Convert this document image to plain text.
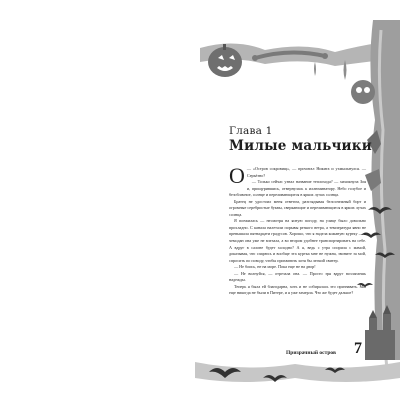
Глава 1
Милые мальчики

О — «Остров сокровищ», — прочитал Никита и ухмыльнулся. — Серьёзно?

— Только сейчас узнал название теплохода? — хихикнула Зоя и, прищурившись, отвернулась к иллюминатору. Небо голубое и безоблачное, солнце и переливающиеся в ярких лучах солнца.

Братец не удостоил меня ответом, разглядывая белоснежный борт и огромные серебристые буквы, сверкающие и переливающиеся в ярких лучах солнца.

Я поежилась — несмотря на ясную погоду, на улице было довольно прохладно. С канала налетали порывы резкого ветра, а температура явно не превышала пятнадцати градусов. Хорошо, что я надела кожаную куртку — в чемодан она уже не влезала, а во втором удобнее транспортировать на себе. А вдруг в салоне будет холодно? А я, ведь с утра спорила с мамой, доказывая, что спарюсь и вообще эта куртка мне не нужна, звоните за мой, спросить по поводу, чтобы прихватить хотя бы легкий свитер.

— Не боись, не на море. Пока еще не на двор!

— Не волнуйся, — отрезала она. — Просто зря вдруг возлагаешь надежды.

Теперь я была ей благодарна, хоть и не собиралась это признавать. Мы еще никогда не были в Питере, и я уже замерла. Что же будет дальше?

Призрачный остров 7
